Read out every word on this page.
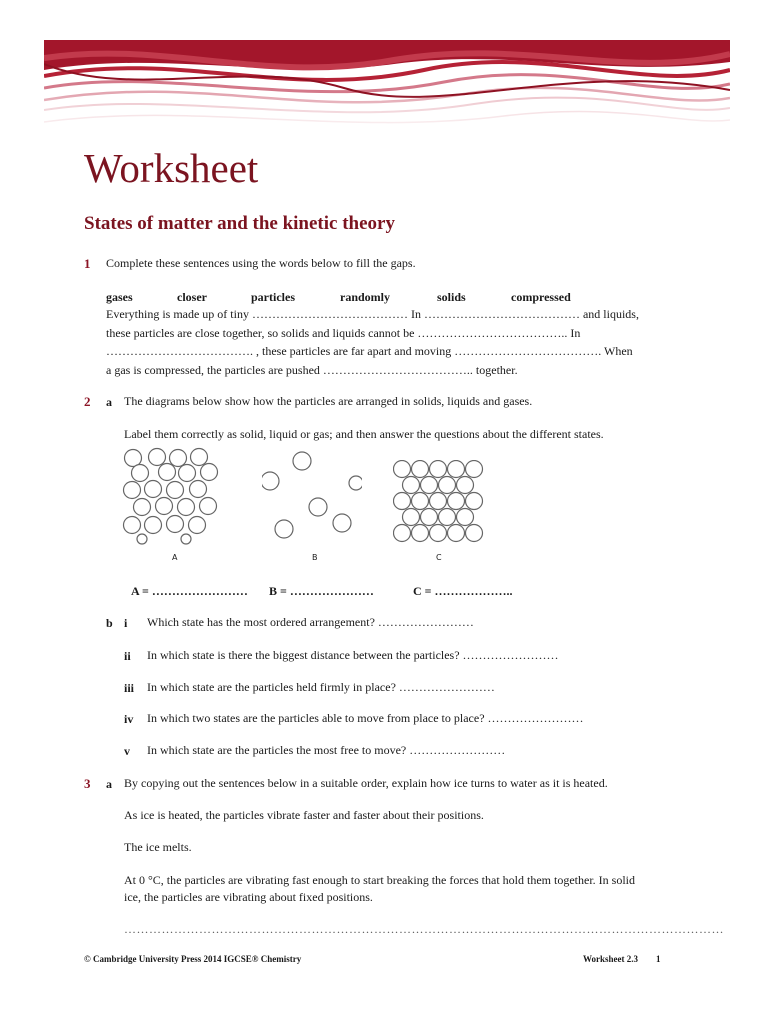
Worksheet
States of matter and the kinetic theory
1 Complete these sentences using the words below to fill the gaps.
gases	closer	particles	randomly	solids	compressed
Everything is made up of tiny ………………………………… In ………………………………… and liquids,
these particles are close together, so solids and liquids cannot be ……………………………….. In
………………………………. , these particles are far apart and moving ………………………………. When
a gas is compressed, the particles are pushed ……………………………….. together.
2 a The diagrams below show how the particles are arranged in solids, liquids and gases.
Label them correctly as solid, liquid or gas; and then answer the questions about the different states.
A	B	C
A = …………………… B = …………………	C = ………………..
b i Which state has the most ordered arrangement? ……………………
ii In which state is there the biggest distance between the particles? ……………………
iii In which state are the particles held firmly in place? ……………………
iv In which two states are the particles able to move from place to place? ……………………
v In which state are the particles the most free to move? ……………………
3 a By copying out the sentences below in a suitable order, explain how ice turns to water as it is heated.
As ice is heated, the particles vibrate faster and faster about their positions.
The ice melts.
At 0 °C, the particles are vibrating fast enough to start breaking the forces that hold them together. In solid
ice, the particles are vibrating about fixed positions.
………………………………………………………………………………………………………………………………
© Cambridge University Press 2014 IGCSE® Chemistry	Worksheet 2.3 1
